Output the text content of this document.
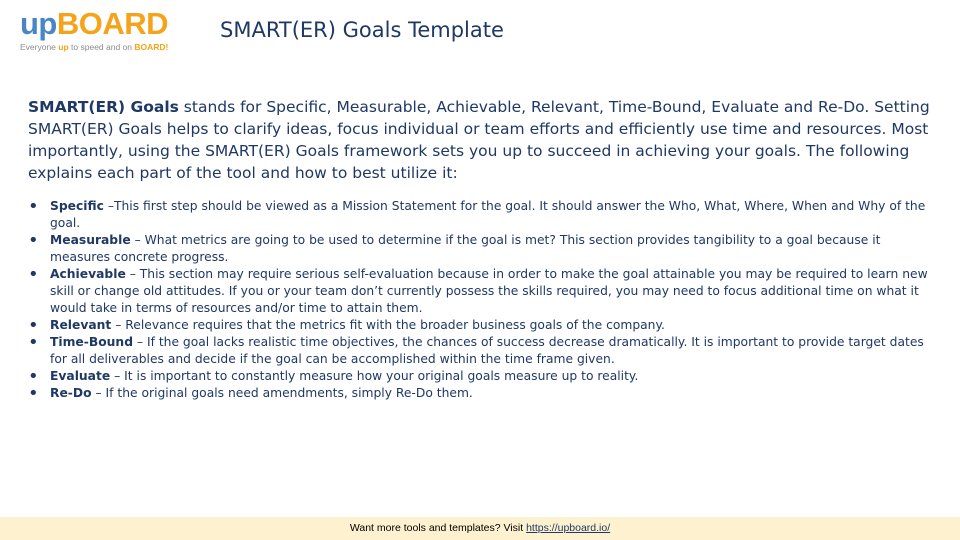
upBOARD
Everyone up to speed and on BOARD!
SMART(ER) Goals Template
SMART(ER) Goals stands for Specific, Measurable, Achievable, Relevant, Time-Bound, Evaluate and Re-Do. Setting SMART(ER) Goals helps to clarify ideas, focus individual or team efforts and efficiently use time and resources. Most importantly, using the SMART(ER) Goals framework sets you up to succeed in achieving your goals. The following explains each part of the tool and how to best utilize it:
• Specific –This first step should be viewed as a Mission Statement for the goal. It should answer the Who, What, Where, When and Why of the goal.
• Measurable – What metrics are going to be used to determine if the goal is met? This section provides tangibility to a goal because it measures concrete progress.
• Achievable – This section may require serious self-evaluation because in order to make the goal attainable you may be required to learn new skill or change old attitudes. If you or your team don’t currently possess the skills required, you may need to focus additional time on what it would take in terms of resources and/or time to attain them.
• Relevant – Relevance requires that the metrics fit with the broader business goals of the company.
• Time-Bound – If the goal lacks realistic time objectives, the chances of success decrease dramatically. It is important to provide target dates for all deliverables and decide if the goal can be accomplished within the time frame given.
• Evaluate – It is important to constantly measure how your original goals measure up to reality.
• Re-Do – If the original goals need amendments, simply Re-Do them.
Want more tools and templates? Visit https://upboard.io/
